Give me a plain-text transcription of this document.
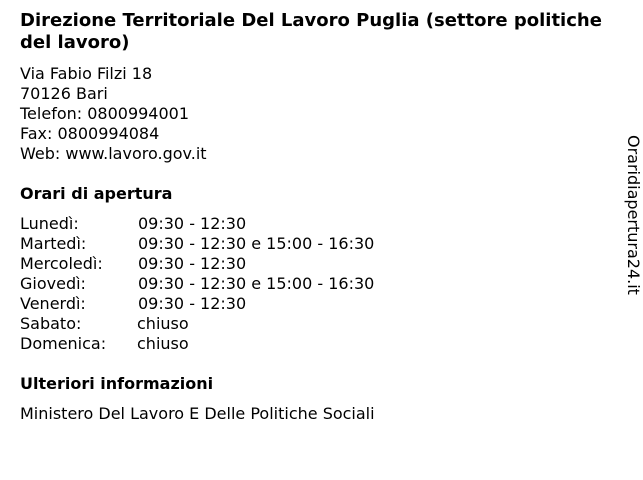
Direzione Territoriale Del Lavoro Puglia (settore politiche del lavoro)
Via Fabio Filzi 18
70126 Bari
Telefon: 0800994001
Fax: 0800994084
Web: www.lavoro.gov.it
Orari di apertura
Lunedì:	09:30 - 12:30
Martedì:	09:30 - 12:30 e 15:00 - 16:30
Mercoledì: 09:30 - 12:30
Giovedì:	09:30 - 12:30 e 15:00 - 16:30
Venerdì:	09:30 - 12:30
Sabato:	chiuso
Domenica: chiuso
Ulteriori informazioni
Ministero Del Lavoro E Delle Politiche Sociali
Oraridiapertura24.it
